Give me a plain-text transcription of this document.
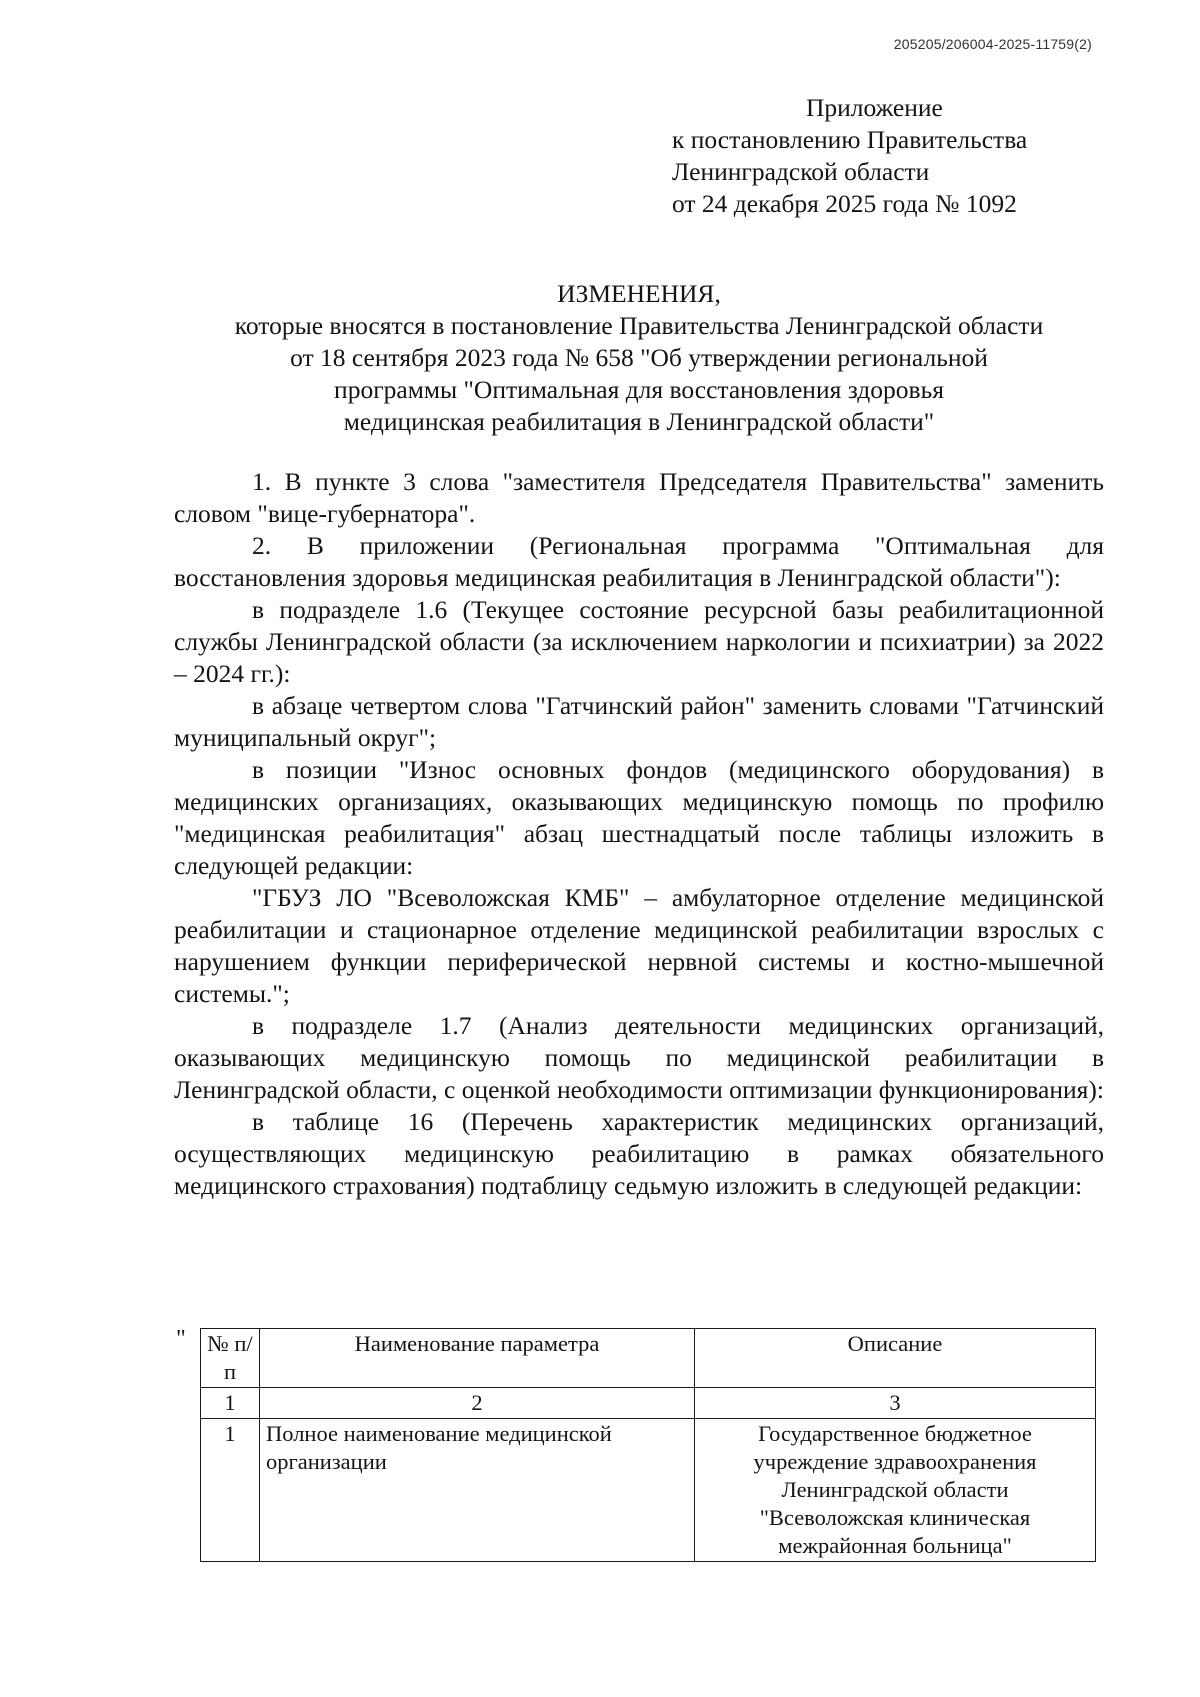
205205/206004-2025-11759(2)
Приложение
к постановлению Правительства
Ленинградской области
от 24 декабря 2025 года № 1092
ИЗМЕНЕНИЯ,
которые вносятся в постановление Правительства Ленинградской области
от 18 сентября 2023 года № 658 "Об утверждении региональной
программы "Оптимальная для восстановления здоровья
медицинская реабилитация в Ленинградской области"

1. В пункте 3 слова "заместителя Председателя Правительства" заменить словом "вице-губернатора".

2. В приложении (Региональная программа "Оптимальная для восстановления здоровья медицинская реабилитация в Ленинградской области"):

в подразделе 1.6 (Текущее состояние ресурсной базы реабилитационной службы Ленинградской области (за исключением наркологии и психиатрии) за 2022 – 2024 гг.):

в абзаце четвертом слова "Гатчинский район" заменить словами "Гатчинский муниципальный округ";

в позиции "Износ основных фондов (медицинского оборудования) в медицинских организациях, оказывающих медицинскую помощь по профилю "медицинская реабилитация" абзац шестнадцатый после таблицы изложить в следующей редакции:

"ГБУЗ ЛО "Всеволожская КМБ" – амбулаторное отделение медицинской реабилитации и стационарное отделение медицинской реабилитации взрослых с нарушением функции периферической нервной системы и костно-мышечной системы.";

в подразделе 1.7 (Анализ деятельности медицинских организаций, оказывающих медицинскую помощь по медицинской реабилитации в Ленинградской области, с оценкой необходимости оптимизации функционирования):

в таблице 16 (Перечень характеристик медицинских организаций, осуществляющих медицинскую реабилитацию в рамках обязательного медицинского страхования) подтаблицу седьмую изложить в следующей редакции:

" № п/п	Наименование параметра	Описание
1	2	3
1	Полное наименование медицинской организации	Государственное бюджетное учреждение здравоохранения Ленинградской области "Всеволожская клиническая межрайонная больница"
